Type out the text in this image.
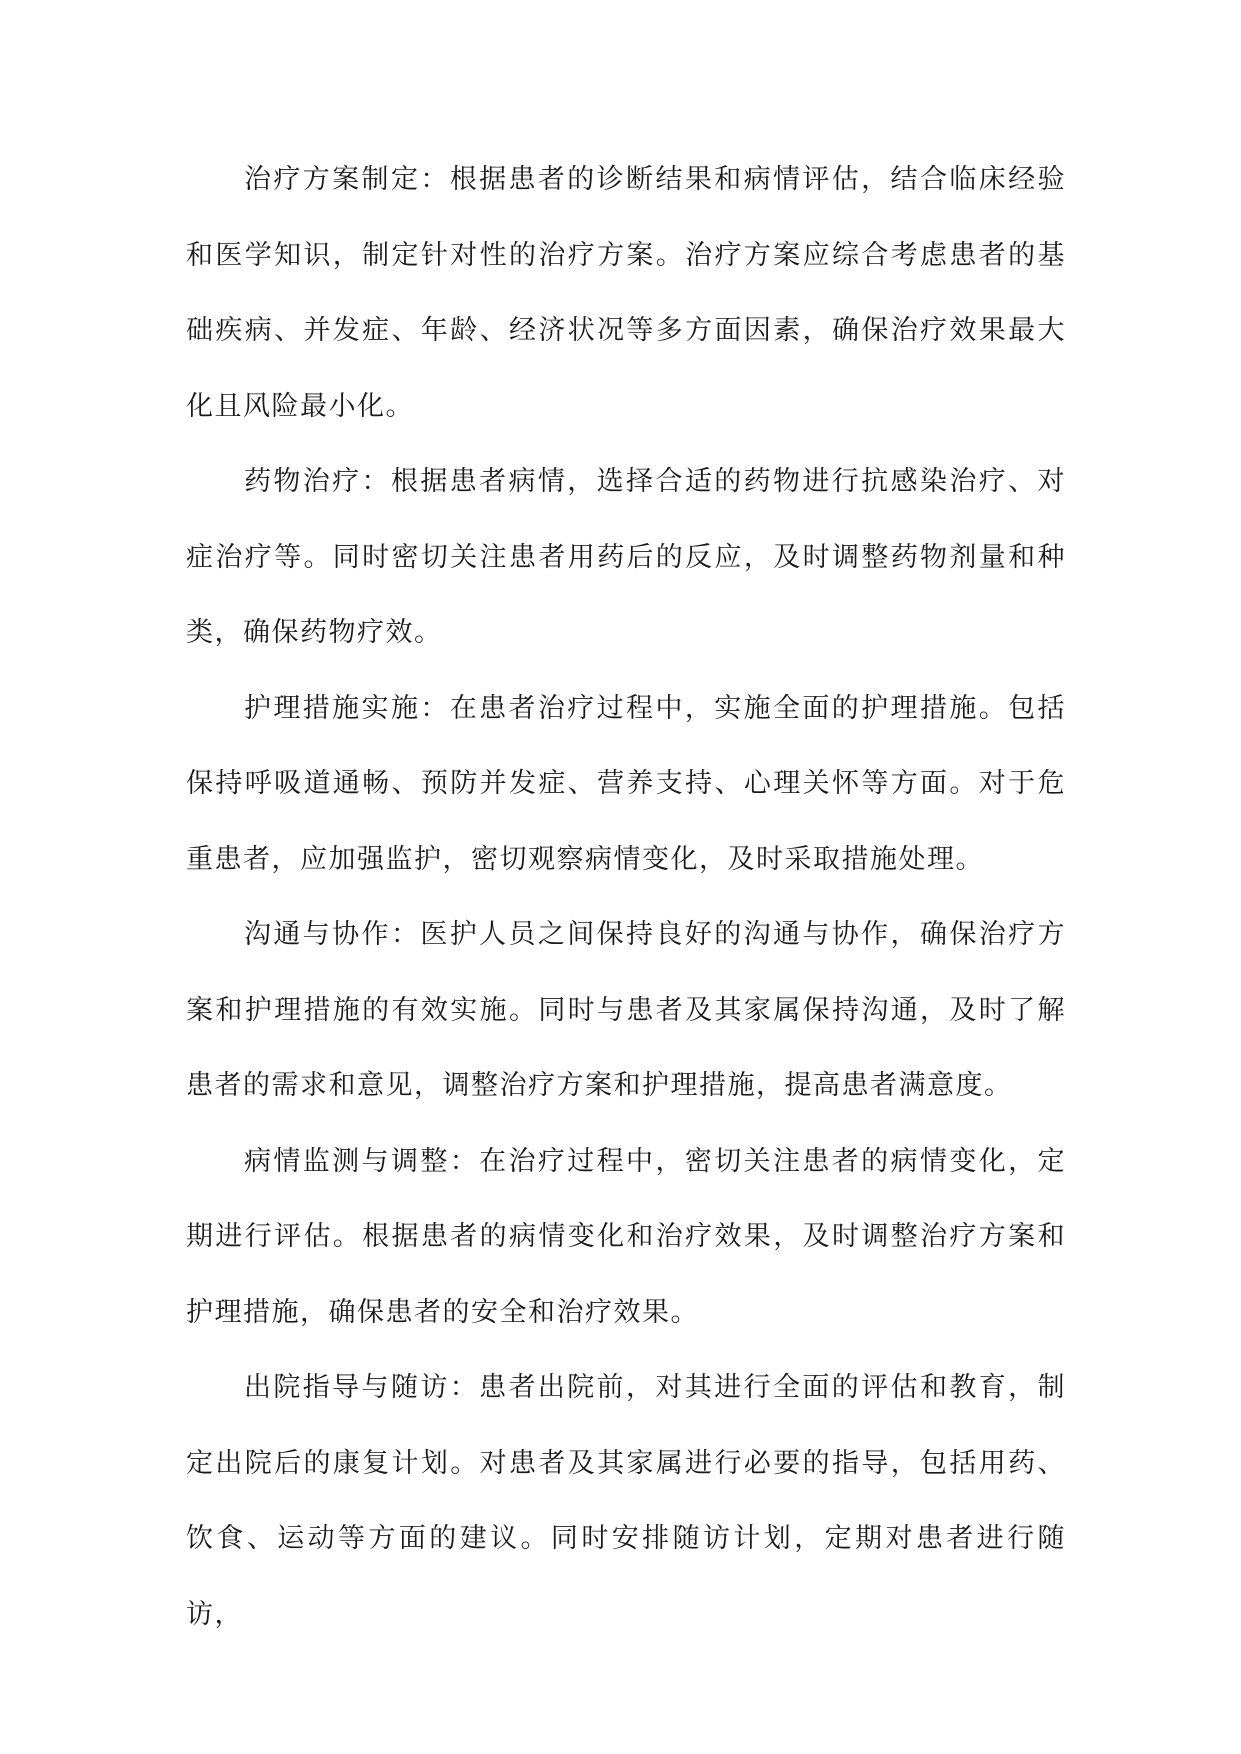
治疗方案制定：根据患者的诊断结果和病情评估，结合临床经验和医学知识，制定针对性的治疗方案。治疗方案应综合考虑患者的基础疾病、并发症、年龄、经济状况等多方面因素，确保治疗效果最大化且风险最小化。

药物治疗：根据患者病情，选择合适的药物进行抗感染治疗、对症治疗等。同时密切关注患者用药后的反应，及时调整药物剂量和种类，确保药物疗效。

护理措施实施：在患者治疗过程中，实施全面的护理措施。包括保持呼吸道通畅、预防并发症、营养支持、心理关怀等方面。对于危重患者，应加强监护，密切观察病情变化，及时采取措施处理。

沟通与协作：医护人员之间保持良好的沟通与协作，确保治疗方案和护理措施的有效实施。同时与患者及其家属保持沟通，及时了解患者的需求和意见，调整治疗方案和护理措施，提高患者满意度。

病情监测与调整：在治疗过程中，密切关注患者的病情变化，定期进行评估。根据患者的病情变化和治疗效果，及时调整治疗方案和护理措施，确保患者的安全和治疗效果。

出院指导与随访：患者出院前，对其进行全面的评估和教育，制定出院后的康复计划。对患者及其家属进行必要的指导，包括用药、饮食、运动等方面的建议。同时安排随访计划，定期对患者进行随访，
